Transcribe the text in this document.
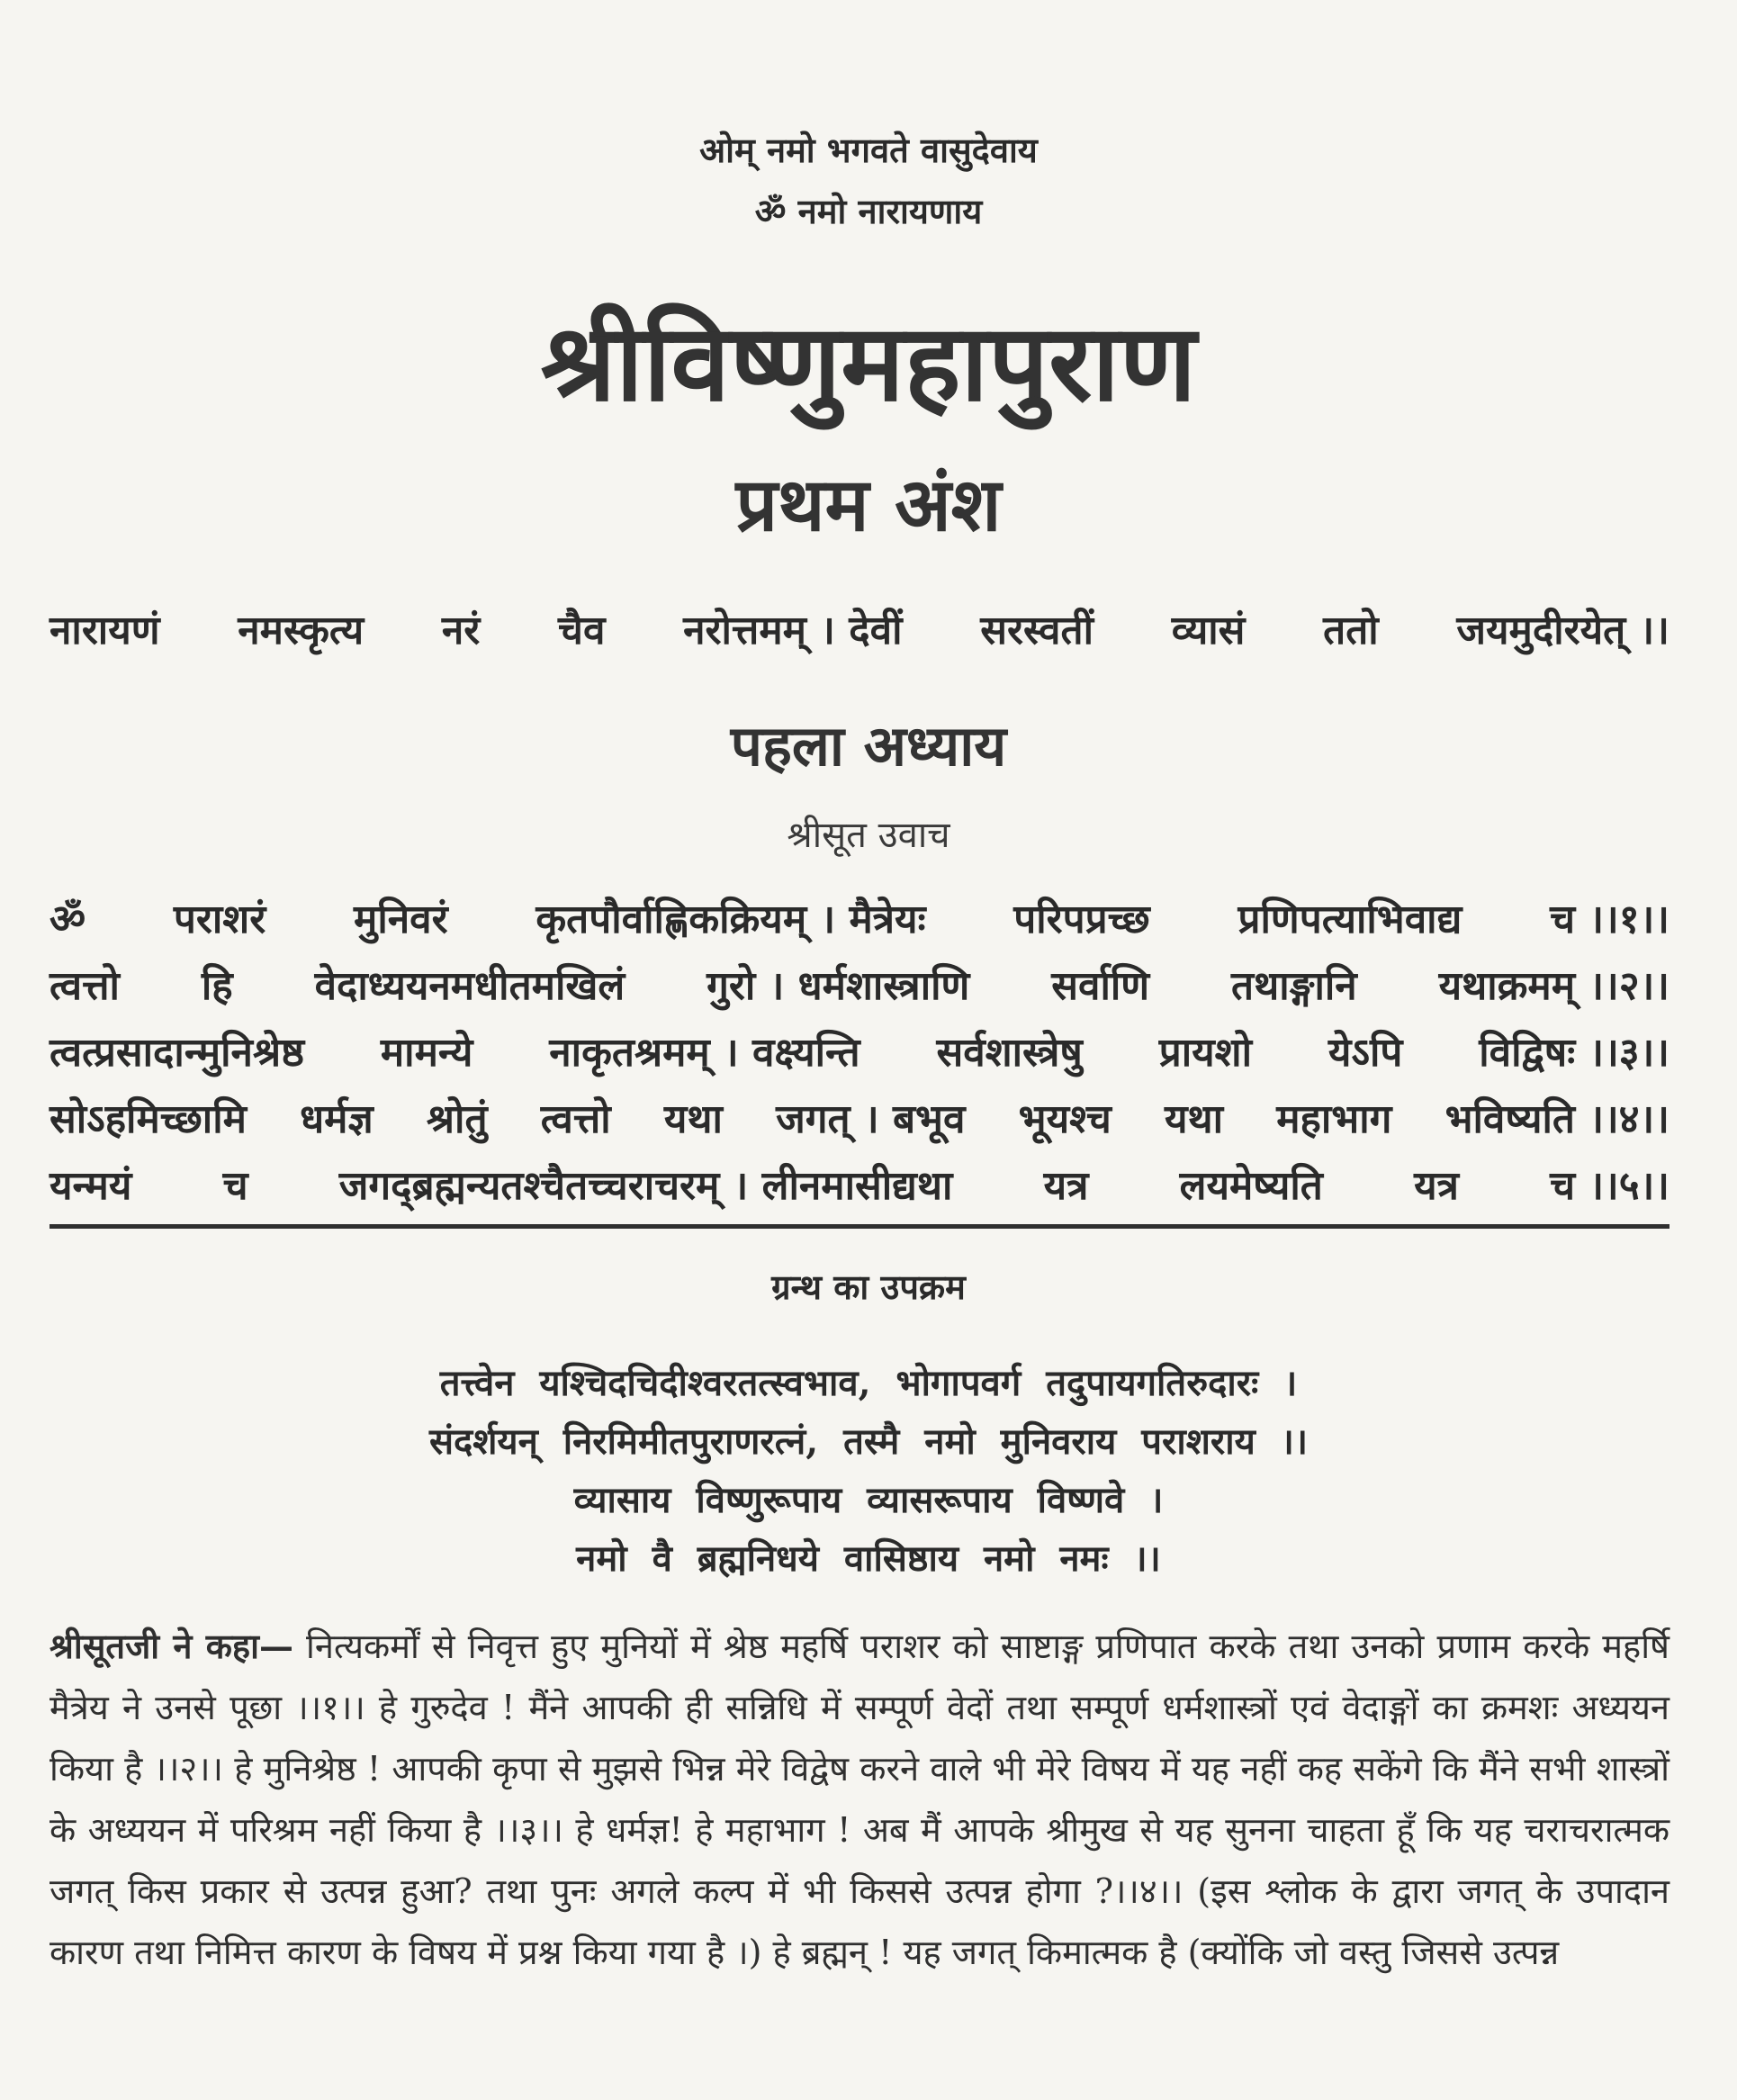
ओम् नमो भगवते वासुदेवाय
ॐ नमो नारायणाय
श्रीविष्णुमहापुराण
प्रथम अंश
नारायणं नमस्कृत्य नरं चैव नरोत्तमम् । देवीं सरस्वतीं व्यासं ततो जयमुदीरयेत् ।।
पहला अध्याय
श्रीसूत उवाच
ॐ पराशरं मुनिवरं कृतपौर्वाह्णिकक्रियम् । मैत्रेयः परिपप्रच्छ प्रणिपत्याभिवाद्य च ।।१।।
त्वत्तो हि वेदाध्ययनमधीतमखिलं गुरो । धर्मशास्त्राणि सर्वाणि तथाङ्गानि यथाक्रमम् ।।२।।
त्वत्प्रसादान्मुनिश्रेष्ठ मामन्ये नाकृतश्रमम् । वक्ष्यन्ति सर्वशास्त्रेषु प्रायशो येऽपि विद्विषः ।।३।।
सोऽहमिच्छामि धर्मज्ञ श्रोतुं त्वत्तो यथा जगत् । बभूव भूयश्च यथा महाभाग भविष्यति ।।४।।
यन्मयं च जगद्ब्रह्मन्यतश्चैतच्चराचरम् । लीनमासीद्यथा यत्र लयमेष्यति यत्र च ।।५।।
ग्रन्थ का उपक्रम
तत्त्वेन यश्चिदचिदीश्वरतत्स्वभाव, भोगापवर्ग तदुपायगतिरुदारः ।
संदर्शयन् निरमिमीतपुराणरत्नं, तस्मै नमो मुनिवराय पराशराय ।।
व्यासाय विष्णुरूपाय व्यासरूपाय विष्णवे ।
नमो वै ब्रह्मनिधये वासिष्ठाय नमो नमः ।।
श्रीसूतजी ने कहा— नित्यकर्मों से निवृत्त हुए मुनियों में श्रेष्ठ महर्षि पराशर को साष्टाङ्ग प्रणिपात करके तथा उनको प्रणाम करके महर्षि मैत्रेय ने उनसे पूछा ।।१।। हे गुरुदेव ! मैंने आपकी ही सन्निधि में सम्पूर्ण वेदों तथा सम्पूर्ण धर्मशास्त्रों एवं वेदाङ्गों का क्रमशः अध्ययन किया है ।।२।। हे मुनिश्रेष्ठ ! आपकी कृपा से मुझसे भिन्न मेरे विद्वेष करने वाले भी मेरे विषय में यह नहीं कह सकेंगे कि मैंने सभी शास्त्रों के अध्ययन में परिश्रम नहीं किया है ।।३।। हे धर्मज्ञ! हे महाभाग ! अब मैं आपके श्रीमुख से यह सुनना चाहता हूँ कि यह चराचरात्मक जगत् किस प्रकार से उत्पन्न हुआ? तथा पुनः अगले कल्प में भी किससे उत्पन्न होगा ?।।४।। (इस श्लोक के द्वारा जगत् के उपादान कारण तथा निमित्त कारण के विषय में प्रश्न किया गया है ।) हे ब्रह्मन् ! यह जगत् किमात्मक है (क्योंकि जो वस्तु जिससे उत्पन्न
